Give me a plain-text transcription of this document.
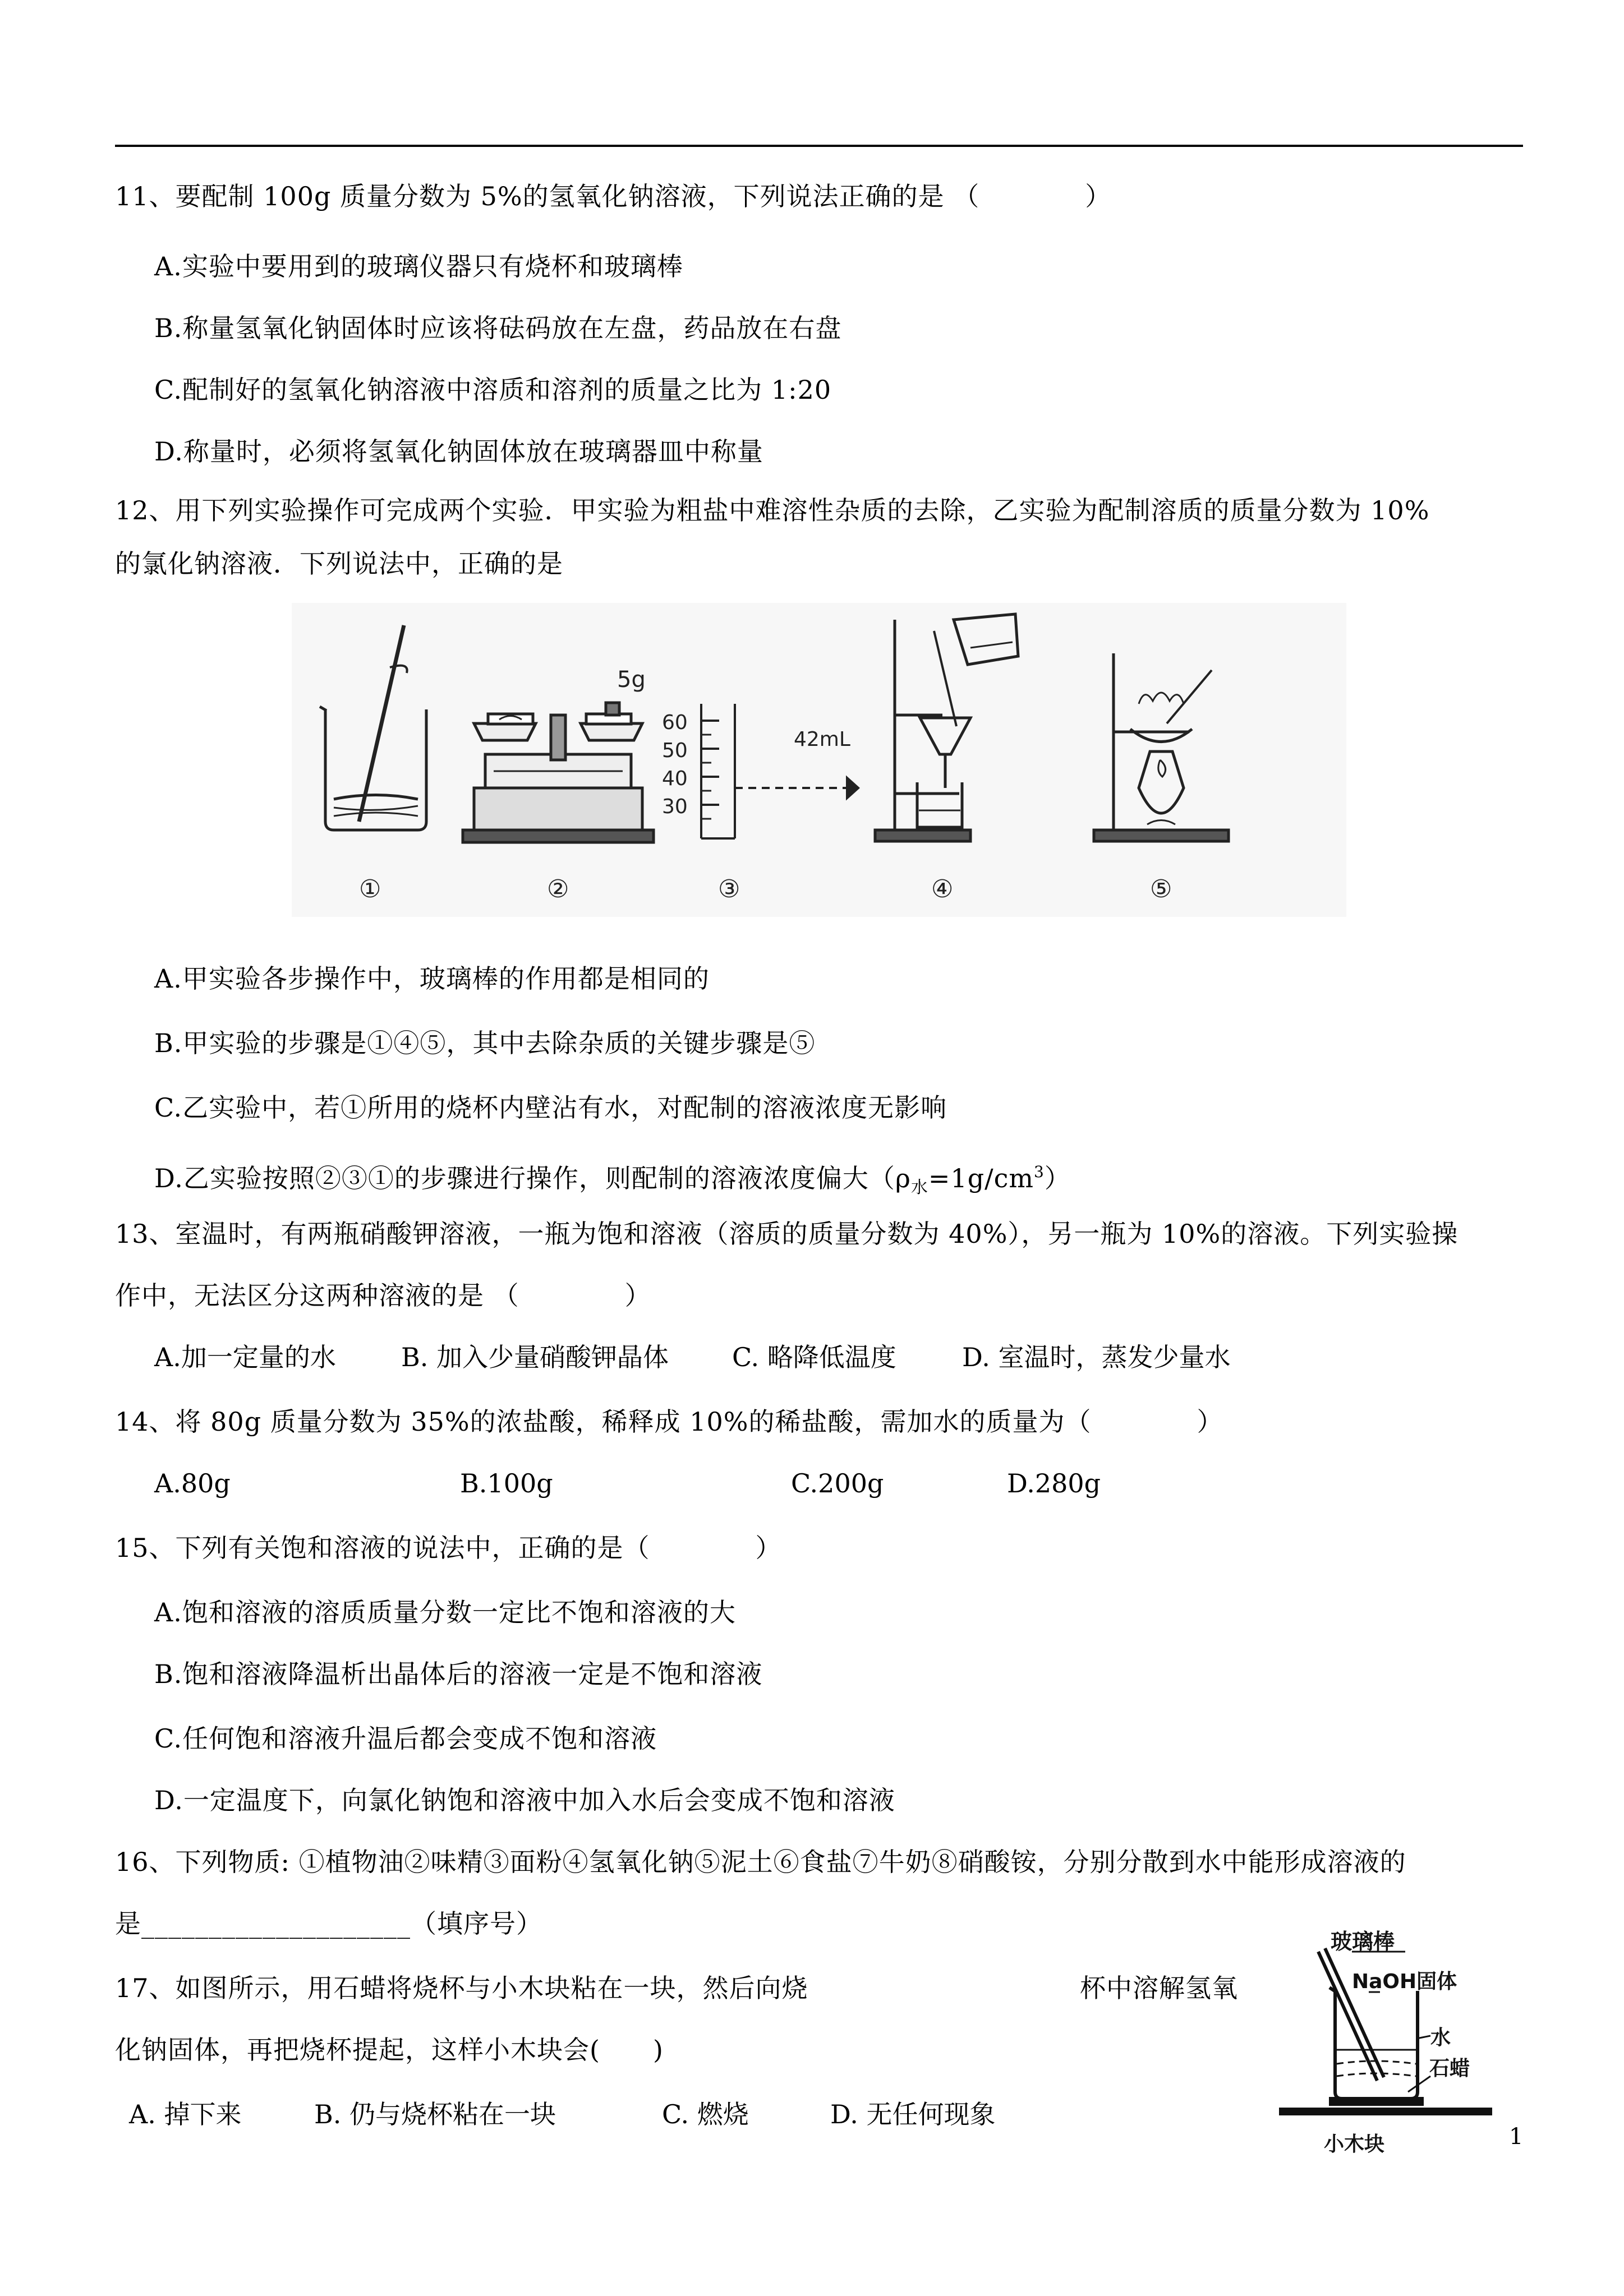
11、要配制 100g 质量分数为 5%的氢氧化钠溶液，下列说法正确的是 （　　　　）
A.实验中要用到的玻璃仪器只有烧杯和玻璃棒
B.称量氢氧化钠固体时应该将砝码放在左盘，药品放在右盘
C.配制好的氢氧化钠溶液中溶质和溶剂的质量之比为 1:20
D.称量时，必须将氢氧化钠固体放在玻璃器皿中称量
12、用下列实验操作可完成两个实验．甲实验为粗盐中难溶性杂质的去除，乙实验为配制溶质的质量分数为 10%
的氯化钠溶液．下列说法中，正确的是
5g
60
50
40
30
42mL
①	②	③	④	⑤
A.甲实验各步操作中，玻璃棒的作用都是相同的
B.甲实验的步骤是①④⑤，其中去除杂质的关键步骤是⑤
C.乙实验中，若①所用的烧杯内壁沾有水，对配制的溶液浓度无影响
D.乙实验按照②③①的步骤进行操作，则配制的溶液浓度偏大$(\rho_水=1g/cm^3)$
13、室温时，有两瓶硝酸钾溶液，一瓶为饱和溶液（溶质的质量分数为 40%），另一瓶为 10%的溶液。下列实验操
作中，无法区分这两种溶液的是 （　　　　）
A.加一定量的水	B. 加入少量硝酸钾晶体 C. 略降低温度	D. 室温时，蒸发少量水
14、将 80g 质量分数为 35%的浓盐酸，稀释成 10%的稀盐酸，需加水的质量为（　　　　）
A.80g	B.100g	C.200g	D.280g
15、下列有关饱和溶液的说法中，正确的是（　　　　）
A.饱和溶液的溶质质量分数一定比不饱和溶液的大
B.饱和溶液降温析出晶体后的溶液一定是不饱和溶液
C.任何饱和溶液升温后都会变成不饱和溶液
D.一定温度下，向氯化钠饱和溶液中加入水后会变成不饱和溶液
16、下列物质: ①植物油②味精③面粉④氢氧化钠⑤泥土⑥食盐⑦牛奶⑧硝酸铵，分别分散到水中能形成溶液的
是____________________（填序号）
17、如图所示，用石蜡将烧杯与小木块粘在一块，然后向烧	杯中溶解氢氧
化钠固体，再把烧杯提起，这样小木块会(　　)
A. 掉下来	B. 仍与烧杯粘在一块	C. 燃烧	D. 无任何现象
玻璃棒
NaOH固体
水
石蜡
小木块	1
